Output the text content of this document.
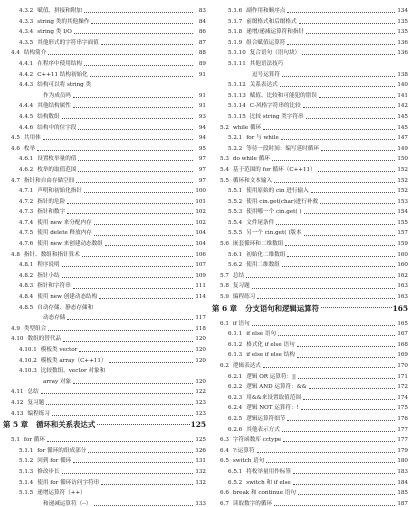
4.3.2 赋值、拼接和附加	83
4.3.3 string 类的其他操作	84
4.3.4 string 类 I/O	86
4.3.5 其他形式的字符串字面值	87
4.4 结构简介	88
4.4.1 在程序中使用结构	89
4.4.2 C++11 结构初始化	91
4.4.3 结构可以将 string 类
作为成员吗	91
4.4.4 其他结构属性	91
4.4.5 结构数组	93
4.4.6 结构中的位字段	94
4.5 共用体	94
4.6 枚举	95
4.6.1 设置枚举量的值	97
4.6.2 枚举的取值范围	97
4.7 指针和自由存储空间	97
4.7.1 声明和初始化指针	100
4.7.2 指针的危险	101
4.7.3 指针和数字	102
4.7.4 使用 new 来分配内存	102
4.7.5 使用 delete 释放内存	104
4.7.6 使用 new 来创建动态数组	104
4.8 指针、数组和指针算术	106
4.8.1 程序说明	107
4.8.2 指针小结	109
4.8.3 指针和字符串	111
4.8.4 使用 new 创建动态结构	114
4.8.5 自动存储、静态存储和
动态存储	117
4.9 类型组合	118
4.10 数组的替代品	120
4.10.1 模板类 vector	120
4.10.2 模板类 array（C++11）	120
4.10.3 比较数组、vector 对象和
array 对象	120
4.11 总结	122
4.12 复习题	123
4.13 编程练习	123
第 5 章 循环和关系表达式	125
5.1 for 循环	125
5.1.1 for 循环的组成部分	126
5.1.2 回到 for 循环	131
5.1.3 修改步长	132
5.1.4 使用 for 循环访问字符串	132
5.1.5 递增运算符（++）
和递减运算符（--）	133
5.1.6 副作用和顺序点	134
5.1.7 前缀格式和后缀格式	135
5.1.8 递增/递减运算符和指针	135
5.1.9 组合赋值运算符	136
5.1.10 复合语句（语句块）	136
5.1.11 其他语法技巧
逗号运算符	138
5.1.12 关系表达式	140
5.1.13 赋值、比较和可能犯的错误	141
5.1.14 C-风格字符串的比较	142
5.1.15 比较 string 类字符串	145
5.2 while 循环	145
5.2.1 for 与 while	147
5.2.2 等待一段时间：编写延时循环	149
5.3 do while 循环	150
5.4 基于范围的 for 循环（C++11）	152
5.5 循环和文本输入	152
5.5.1 使用原始的 cin 进行输入	152
5.5.2 使用 cin.get(char)进行补救	153
5.5.3 使用哪一个 cin.get( )	154
5.5.4 文件尾条件	155
5.5.5 另一个 cin.get( )版本	157
5.6 嵌套循环和二维数组	159
5.6.1 初始化二维数组	160
5.6.2 使用二维数组	160
5.7 总结	162
5.8 复习题	163
5.9 编程练习	163
第 6 章 分支语句和逻辑运算符	165
6.1 if 语句	165
6.1.1 if else 语句	167
6.1.2 格式化 if else 语句	168
6.1.3 if else if else 结构	169
6.2 逻辑表达式	170
6.2.1 逻辑 OR 运算符：||	171
6.2.2 逻辑 AND 运算符：&&	172
6.2.3 用&&来设置取值范围	174
6.2.4 逻辑 NOT 运算符：!	175
6.2.5 逻辑运算符细节	176
6.2.6 其他表示方式	177
6.3 字符函数库 cctype	177
6.4 ?:运算符	179
6.5 switch 语句	180
6.5.1 将枚举量用作标签	183
6.5.2 switch 和 if else	184
6.6 break 和 continue 语句	185
6.7 读取数字的循环	187
